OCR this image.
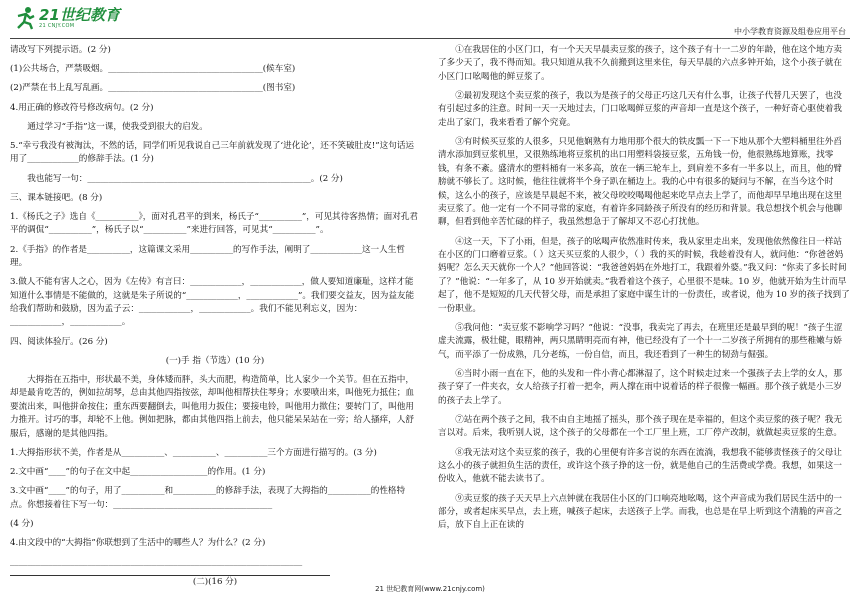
21世纪教育
21 CNJY.COM
中小学教育资源及组卷应用平台

请改写下列提示语。(2 分)

(1)公共场合，严禁吸烟。____________________________________(候车室)

(2)严禁在书上乱写乱画。____________________________________(图书室)

4.用正确的修改符号修改病句。(2 分)

通过学习“手指”这一课，使我受到很大的启发。

5.“幸亏我没有被淘汰，不然的话，同学们听见我说自己三年前就发现了‘进化论’，还不笑破肚皮!”这句话运用了____________的修辞手法。(1 分)

我也能写一句：____________________________________________________。(2 分)

三、课本链接吧。(8 分)

1.《杨氏之子》选自《__________》，面对孔君平的到来，杨氏子“__________”，可见其待客热情；面对孔君平的调侃“__________”，杨氏子以“__________”来进行回答，可见其“__________”。

2.《手指》的作者是__________，这篇课文采用__________的写作手法，阐明了____________这一人生哲理。

3.做人不能有害人之心，因为《左传》有言曰：____________，____________，做人要知道廉耻，这样才能知道什么事情是不能做的，这就是朱子所说的“____________，____________”。我们要交益友，因为益友能给我们帮助和鼓励，因为孟子云：____________，____________。我们不能见利忘义，因为：____________，____________。

四、阅读体验厅。(26 分)

(一)手 指（节选）(10 分)

大拇指在五指中，形状最不美，身体矮而胖，头大而肥，构造简单，比人家少一个关节。但在五指中，却是最肯吃苦的，例如拉胡琴，总由其他四指按弦，却叫他相帮扶住琴身；水要喷出来，叫他死力抵住；血要流出来，叫他拼命按住；重东西要翻倒去，叫他用力扳住；要接电铃，叫他用力揿住；要转门了，叫他用力推开。讨巧的事，却轮不上他。例如把脉，都由其他四指上前去，他只能呆呆站在一旁；给人搔痒，人舒服后，感谢的是其他四指。

1.大拇指形状不美，作者是从__________、__________、__________三个方面进行描写的。(3 分)

2.文中画“____”的句子在文中起__________________的作用。(1 分)

3.文中画“____”的句子，用了__________和__________的修辞手法，表现了大拇指的__________的性格特点。你想接着往下写一句：_____________________________________

(4 分)

4.由文段中的“大拇指”你联想到了生活中的哪些人？为什么？(2 分)

____________________________________________________________________

(二)(16 分)

①在我居住的小区门口，有一个天天早晨卖豆浆的孩子，这个孩子有十一二岁的年龄，他在这个地方卖了多少天了，我不得而知。我只知道从我不久前搬到这里来住，每天早晨的六点多钟开始，这个小孩子就在小区门口吆喝他的鲜豆浆了。

②最初发现这个卖豆浆的孩子，我以为是孩子的父母正巧这几天有什么事，让孩子代替几天罢了，也没有引起过多的注意。时间一天一天地过去，门口吆喝鲜豆浆的声音却一直是这个孩子，一种好奇心驱使着我走出了家门，我来看看了解个究竟。

③有时候买豆浆的人很多，只见他娴熟有力地用那个很大的铁皮瓢一下一下地从那个大塑料桶里往外舀清水添加到豆浆机里，又很熟练地将豆浆机的出口用塑料袋接豆浆，五角钱一份，他很熟练地算账，找零钱，有条不紊。盛清水的塑料桶有一米多高，放在一辆三轮车上，到肩差不多有一半多以上，而且，他的臂膀就不够长了。这时候，他往往就将半个身子趴在桶边上。我的心中有很多的疑问与不解，在当今这个时候，这么小的孩子，应该是早晨起不来，被父母咬咬喝喝他起来吃早点去上学了，而他却早早地出现在这里卖豆浆了。他一定有一个不同寻常的家庭，有着许多同龄孩子所没有的经历和背景。我总想找个机会与他聊聊，但看到他辛苦忙碌的样子，我虽然想急于了解却又不忍心打扰他。

④这一天，下了小雨，但是，孩子的吆喝声依然准时传来，我从家里走出来，发现他依然像往日一样站在小区的门口磨着豆浆。（ ）这天买豆浆的人很少，（ ）我的买的时候，我趁着没有人，就问他：“你爸爸妈妈呢？怎么天天就你一个人？”他回答说：“我爸爸妈妈在外地打工，我跟着外婆。”我又问：“你卖了多长时间了？”他说：“一年多了，从 10 岁开始就卖。”我看着这个孩子，心里很不是味。10 岁，他就开始为生计而早起了，他不是短短的几天代替父母，而是承担了家庭中谋生计的一份责任，或者说，他为 10 岁的孩子找到了一份职业。

⑤我问他：“卖豆浆不影响学习吗？”他说：“没事，我卖完了再去，在班里还是最早到的呢！”孩子生涩虚夫流露，极壮健，眼精神，两只黑睛明亮而有神，他已经没有了一个十一二岁孩子所拥有的那些稚嫩与娇气，而平添了一份成熟，几分老练，一份自信，而且，我还看到了一种生的韧劲与倔强。

⑥当时小雨一直在下，他的头发和一件小背心都淋湿了，这个时候走过来一个强孩子去上学的女人，那孩子穿了一件夹衣，女人给孩子打着一把伞，两人撑在雨中说着话的样子很像一幅画。那个孩子就是小三岁的孩子去上学了。

⑦站在两个孩子之间，我不由自主地摇了摇头，那个孩子现在是幸福的，但这个卖豆浆的孩子呢？我无言以对。后来，我听别人说，这个孩子的父母都在一个工厂里上班，工厂停产改制，就做起卖豆浆的生意。

⑧我无法对这个卖豆浆的孩子，我的心里便有许多言说的东西在流淌，我想我不能够责怪孩子的父母让这么小的孩子就担负生活的责任，或许这个孩子挣的这一份，就是他自己的生活费或学费。我想，如果这一份收入，他就不能去读书了。

⑨卖豆浆的孩子天天早上六点钟就在我居住小区的门口响亮地吆喝，这个声音成为我们居民生活中的一部分，或者起床买早点，去上班，喊孩子起床，去送孩子上学。而我，也总是在早上听到这个清脆的声音之后，放下自上正在读的

21 世纪教育网(www.21cnjy.com)
